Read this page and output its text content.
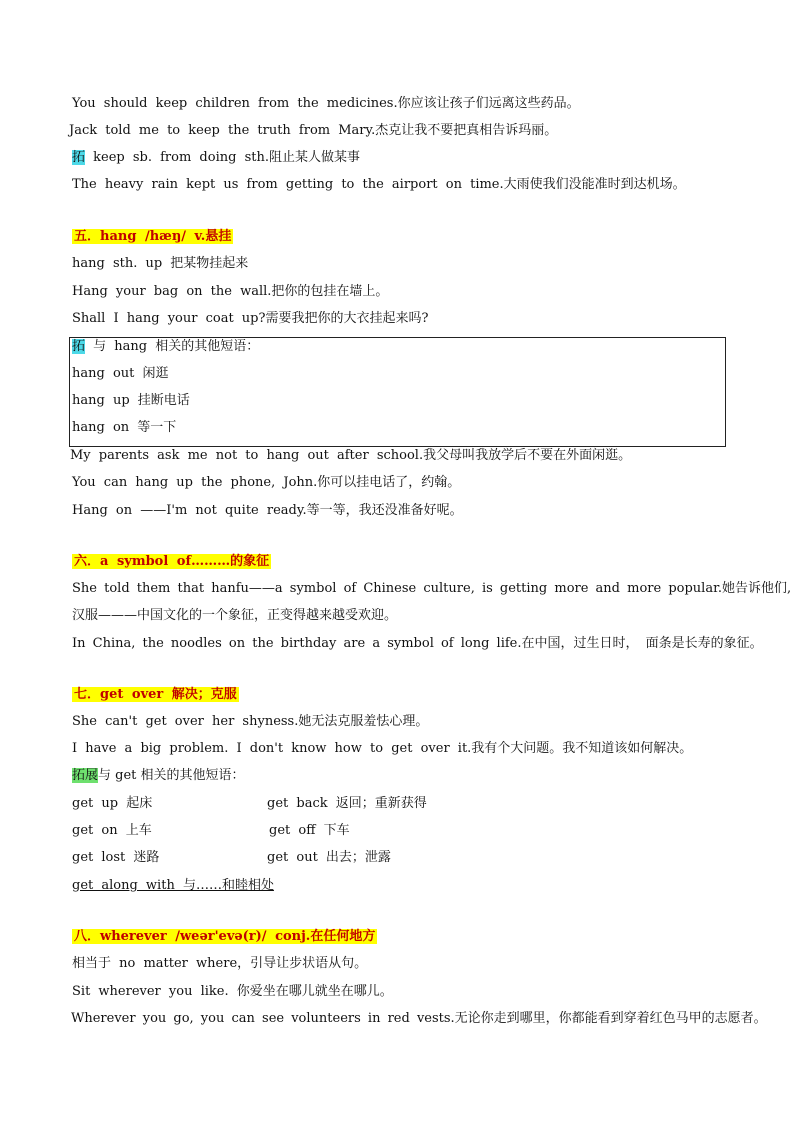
You should keep children from the medicines.你应该让孩子们远离这些药品。
Jack told me to keep the truth from Mary.杰克让我不要把真相告诉玛丽。
拓 keep sb. from doing sth.阻止某人做某事
The heavy rain kept us from getting to the airport on time.大雨使我们没能准时到达机场。
五．hang /hæŋ/ v.悬挂
hang sth. up 把某物挂起来
Hang your bag on the wall.把你的包挂在墙上。
Shall I hang your coat up?需要我把你的大衣挂起来吗?
拓 与 hang 相关的其他短语：
hang out 闲逛
hang up 挂断电话
hang on 等一下
My parents ask me not to hang out after school.我父母叫我放学后不要在外面闲逛。
You can hang up the phone, John.你可以挂电话了，约翰。
Hang on ——I'm not quite ready.等一等，我还没准备好呢。
六．a symbol of………的象征
She told them that hanfu——a symbol of Chinese culture, is getting more and more popular.她告诉他们,
汉服———中国文化的一个象征，正变得越来越受欢迎。
In China, the noodles on the birthday are a symbol of long life.在中国，过生日时， 面条是长寿的象征。
七．get over 解决；克服
She can't get over her shyness.她无法克服羞怯心理。
I have a big problem. I don't know how to get over it.我有个大问题。我不知道该如何解决。
拓展与 get 相关的其他短语：
get up 起床	get back 返回；重新获得
get on 上车	get off 下车
get lost 迷路	get out 出去；泄露
get along with 与……和睦相处
八．wherever /weər'evə(r)/ conj.在任何地方
相当于 no matter where，引导让步状语从句。
Sit wherever you like. 你爱坐在哪儿就坐在哪儿。
Wherever you go, you can see volunteers in red vests.无论你走到哪里，你都能看到穿着红色马甲的志愿者。
